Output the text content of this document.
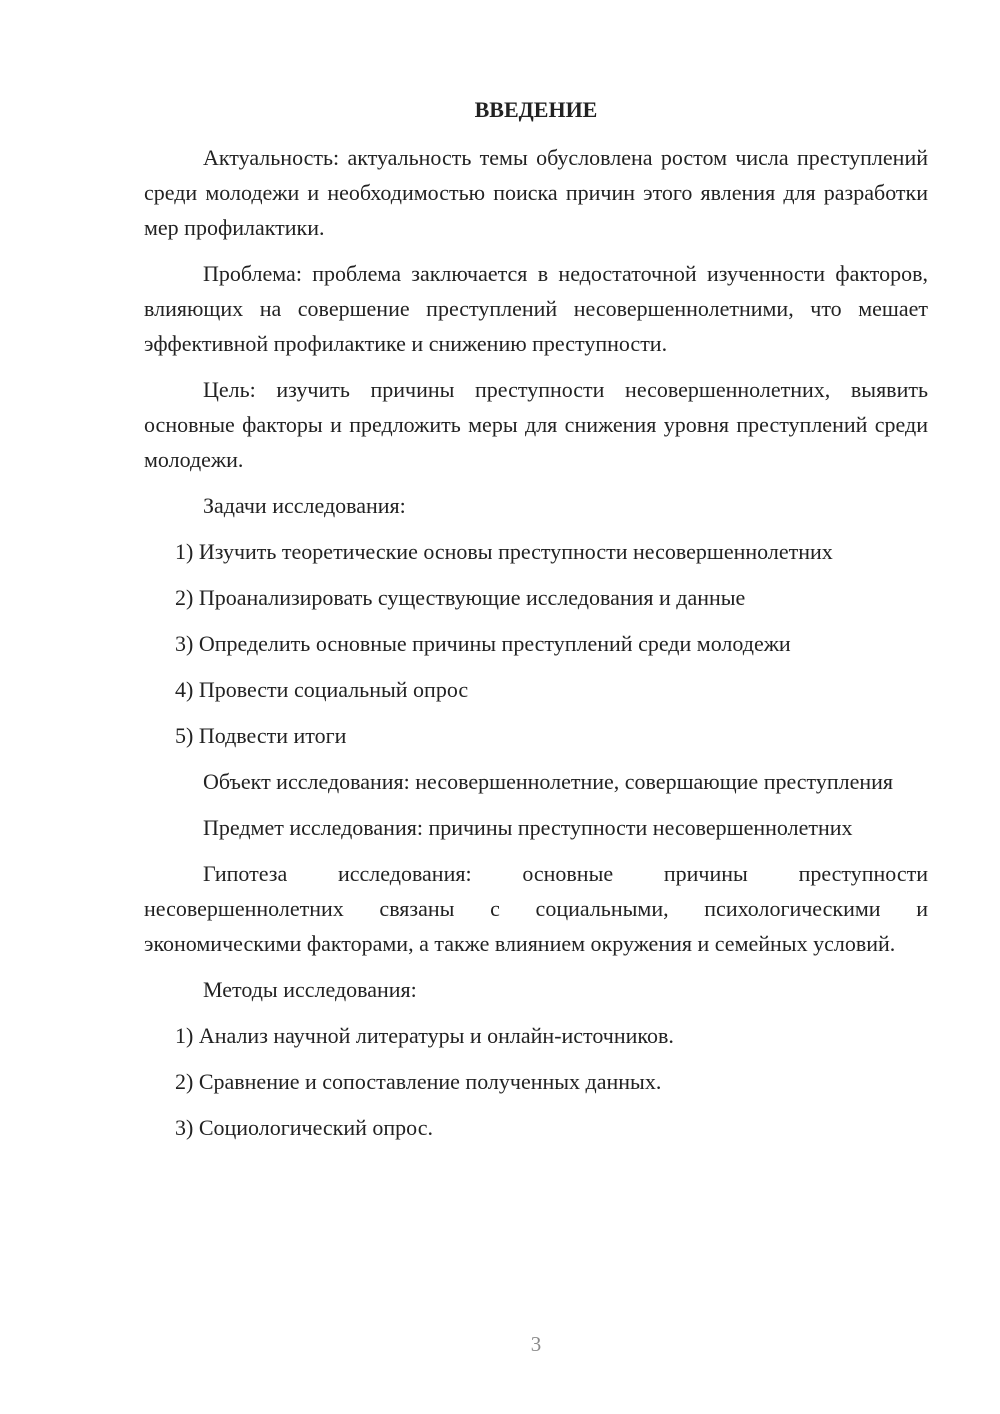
ВВЕДЕНИЕ

Актуальность: актуальность темы обусловлена ростом числа преступлений среди молодежи и необходимостью поиска причин этого явления для разработки мер профилактики.

Проблема: проблема заключается в недостаточной изученности факторов, влияющих на совершение преступлений несовершеннолетними, что мешает эффективной профилактике и снижению преступности.

Цель: изучить причины преступности несовершеннолетних, выявить основные факторы и предложить меры для снижения уровня преступлений среди молодежи.

Задачи исследования:

1) Изучить теоретические основы преступности несовершеннолетних
2) Проанализировать существующие исследования и данные
3) Определить основные причины преступлений среди молодежи
4) Провести социальный опрос
5) Подвести итоги

Объект исследования: несовершеннолетние, совершающие преступления

Предмет исследования: причины преступности несовершеннолетних

Гипотеза исследования: основные причины преступности несовершеннолетних связаны с социальными, психологическими и экономическими факторами, а также влиянием окружения и семейных условий.

Методы исследования:

1) Анализ научной литературы и онлайн-источников.
2) Сравнение и сопоставление полученных данных.
3) Социологический опрос.
3
